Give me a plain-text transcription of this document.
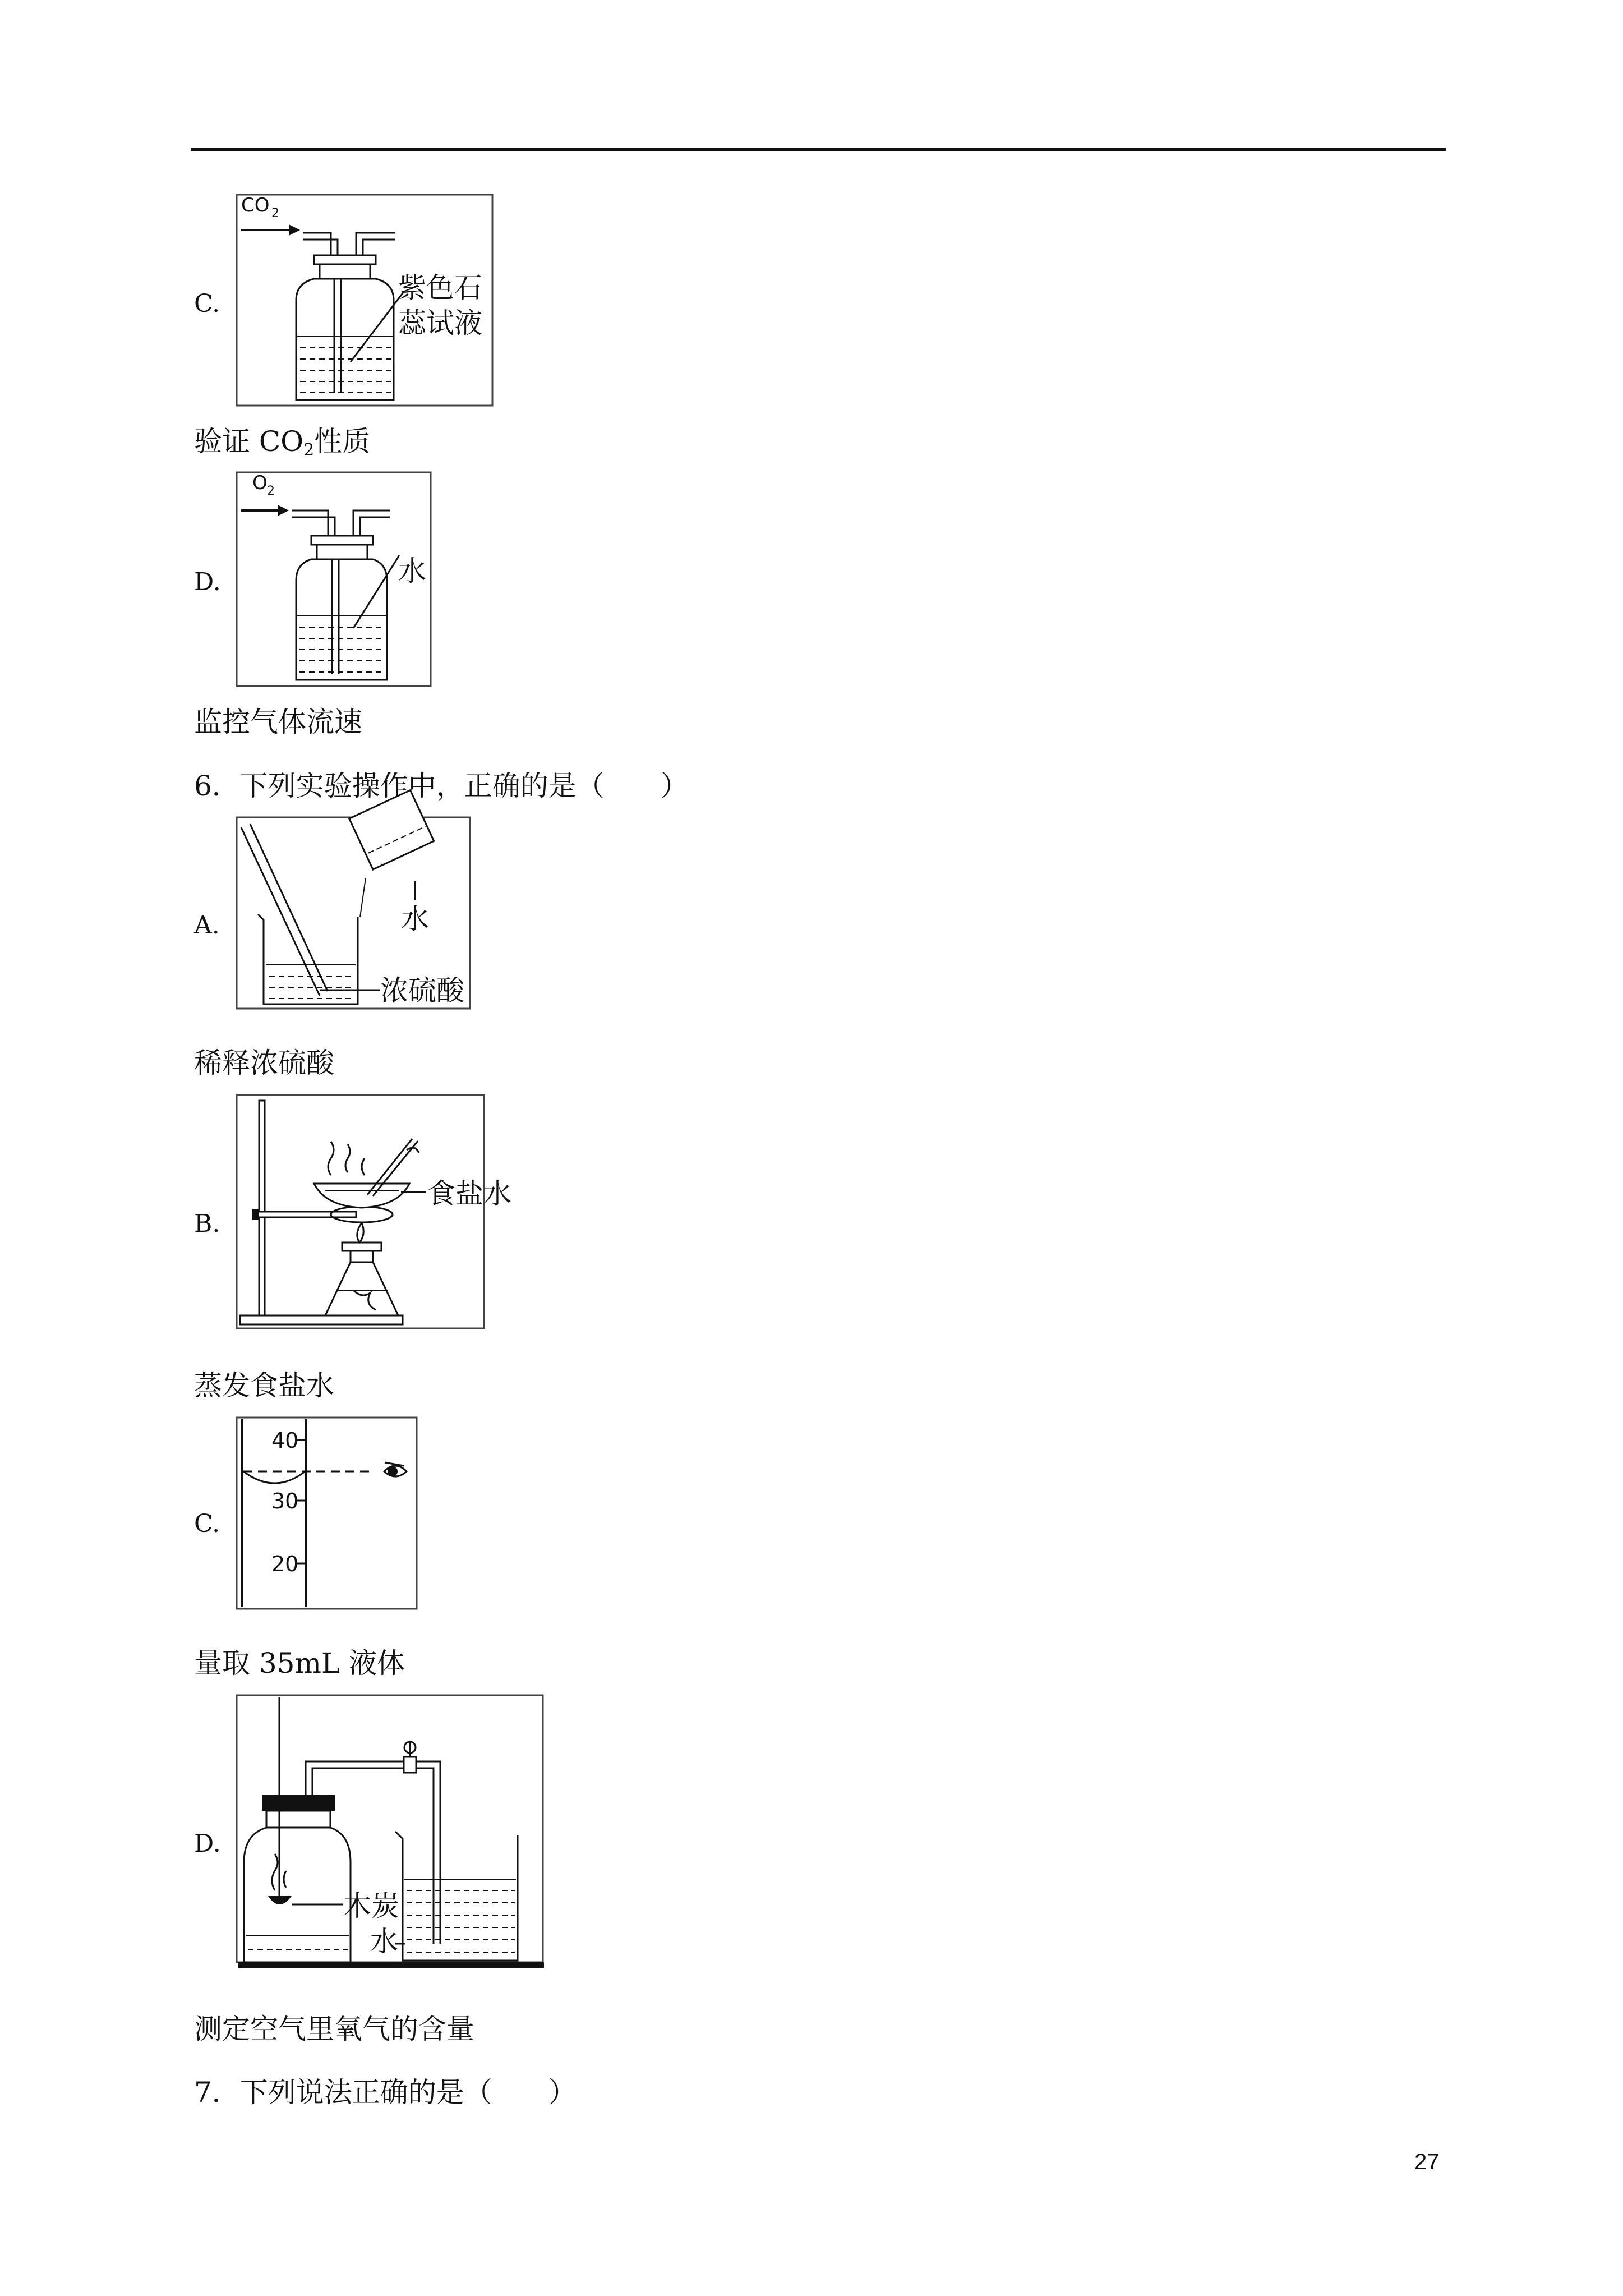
C.
CO 2
紫色石
蕊试液
验证 $CO_2$性质
D.
O 2
水
监控气体流速
6．下列实验操作中，正确的是（　　）
A.	水
浓硫酸
稀释浓硫酸
B.
食盐水
蒸发食盐水
C.
40
30
20
量取 35mL 液体
D.
木炭
水
测定空气里氧气的含量
7．下列说法正确的是（　　）
27
